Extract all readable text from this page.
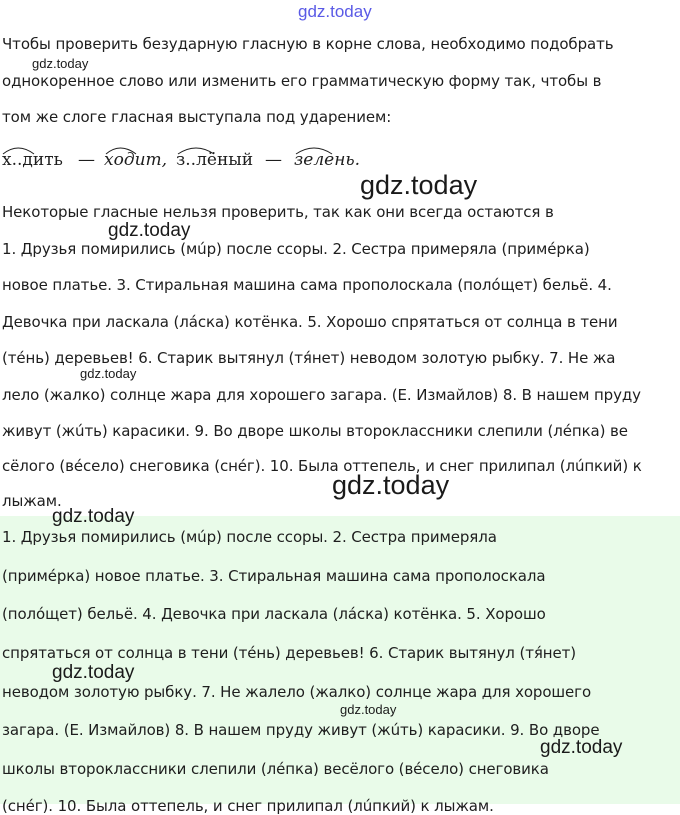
gdz.today
Чтобы проверить безударную гласную в корне слова, необходимо подобрать
однокоренное слово или изменить его грамматическую форму так, чтобы в
том же слоге гласная выступала под ударением:
х..дить — ходит, з..лёный — зелень.
Некоторые гласные нельзя проверить, так как они всегда остаются в
1. Друзья помирились (мúр) после ссоры. 2. Сестра примеряла (примéрка)
новое платье. 3. Стиральная машина сама прополоскала (полóщет) бельё. 4.
Девочка при ласкала (лáска) котёнка. 5. Хорошо спрятаться от солнца в тени
(тéнь) деревьев! 6. Старик вытянул (тя́нет) неводом золотую рыбку. 7. Не жа
лело (жалко) солнце жара для хорошего загара. (Е. Измайлов) 8. В нашем пруду
живут (жúть) карасики. 9. Во дворе школы второклассники слепили (лéпка) ве
сёлого (вéсело) снеговика (снéг). 10. Была оттепель, и снег прилипал (лúпкий) к
лыжам.
1. Друзья помирились (мúр) после ссоры. 2. Сестра примеряла
(примéрка) новое платье. 3. Стиральная машина сама прополоскала
(полóщет) бельё. 4. Девочка при ласкала (лáска) котёнка. 5. Хорошо
спрятаться от солнца в тени (тéнь) деревьев! 6. Старик вытянул (тя́нет)
неводом золотую рыбку. 7. Не жалело (жалко) солнце жара для хорошего
загара. (Е. Измайлов) 8. В нашем пруду живут (жúть) карасики. 9. Во дворе
школы второклассники слепили (лéпка) весёлого (вéсело) снеговика
(снéг). 10. Была оттепель, и снег прилипал (лúпкий) к лыжам.
gdz.today
gdz.today
gdz.today
gdz.today
gdz.today
gdz.today
gdz.today
gdz.today
gdz.today
